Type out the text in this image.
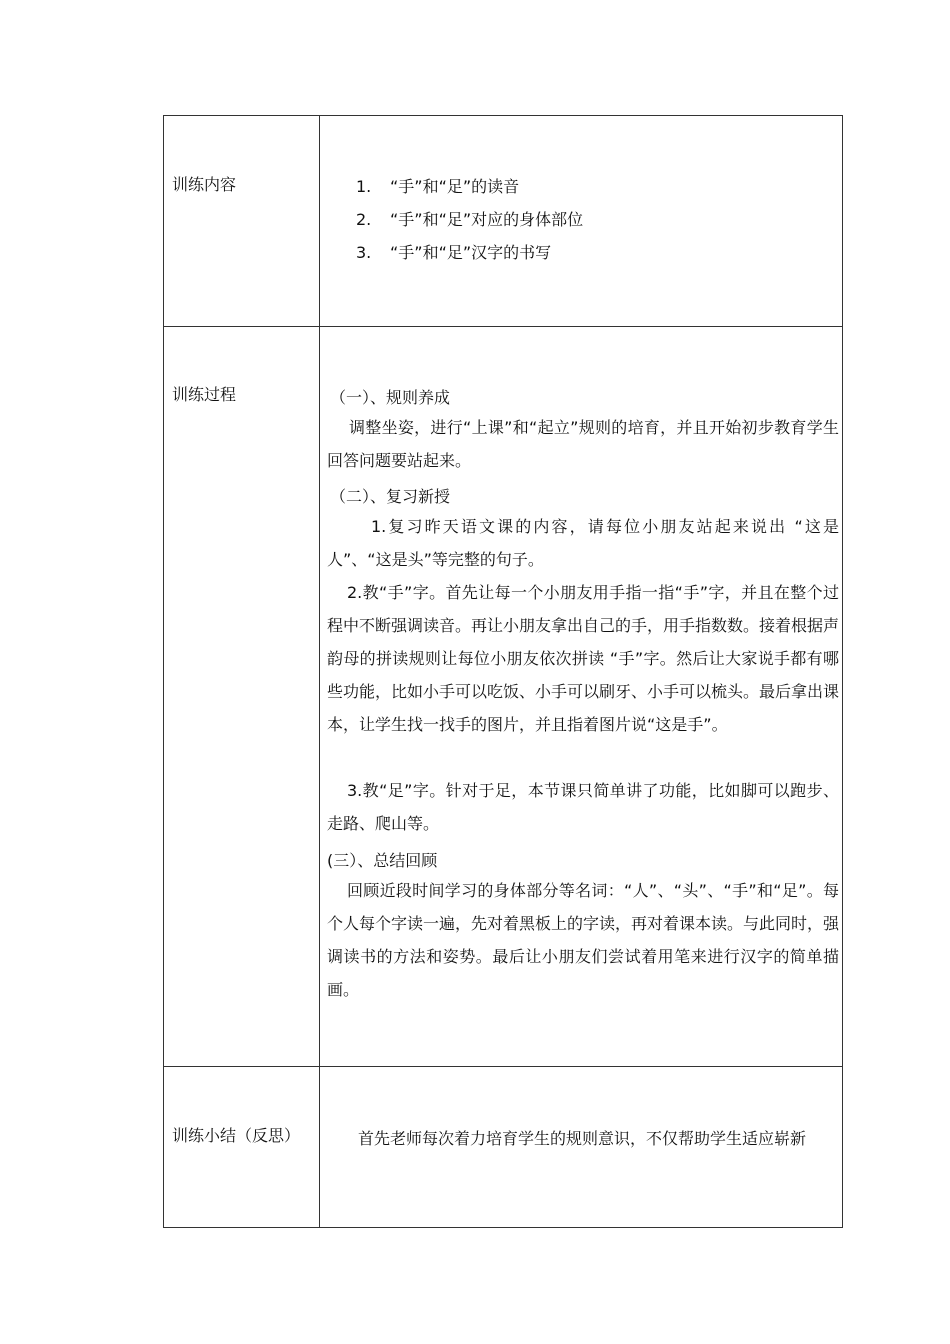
训练内容	1. “手”和“足”的读音
2. “手”和“足”对应的身体部位
3. “手”和“足”汉字的书写
训练过程	（一）、规则养成
调整坐姿，进行“上课”和“起立”规则的培育，并且开始初步教育学生回答问题要站起来。
（二）、复习新授
1.复习昨天语文课的内容，请每位小朋友站起来说出 “这是人”、“这是头”等完整的句子。
2.教“手”字。首先让每一个小朋友用手指一指“手”字，并且在整个过程中不断强调读音。再让小朋友拿出自己的手，用手指数数。接着根据声韵母的拼读规则让每位小朋友依次拼读 “手”字。然后让大家说手都有哪些功能，比如小手可以吃饭、小手可以刷牙、小手可以梳头。最后拿出课本，让学生找一找手的图片，并且指着图片说“这是手”。
3.教“足”字。针对于足，本节课只简单讲了功能，比如脚可以跑步、走路、爬山等。
(三）、总结回顾
回顾近段时间学习的身体部分等名词：“人”、“头”、“手”和“足”。每个人每个字读一遍，先对着黑板上的字读，再对着课本读。与此同时，强调读书的方法和姿势。最后让小朋友们尝试着用笔来进行汉字的简单描画。
训练小结（反思）	首先老师每次着力培育学生的规则意识，不仅帮助学生适应崭新
